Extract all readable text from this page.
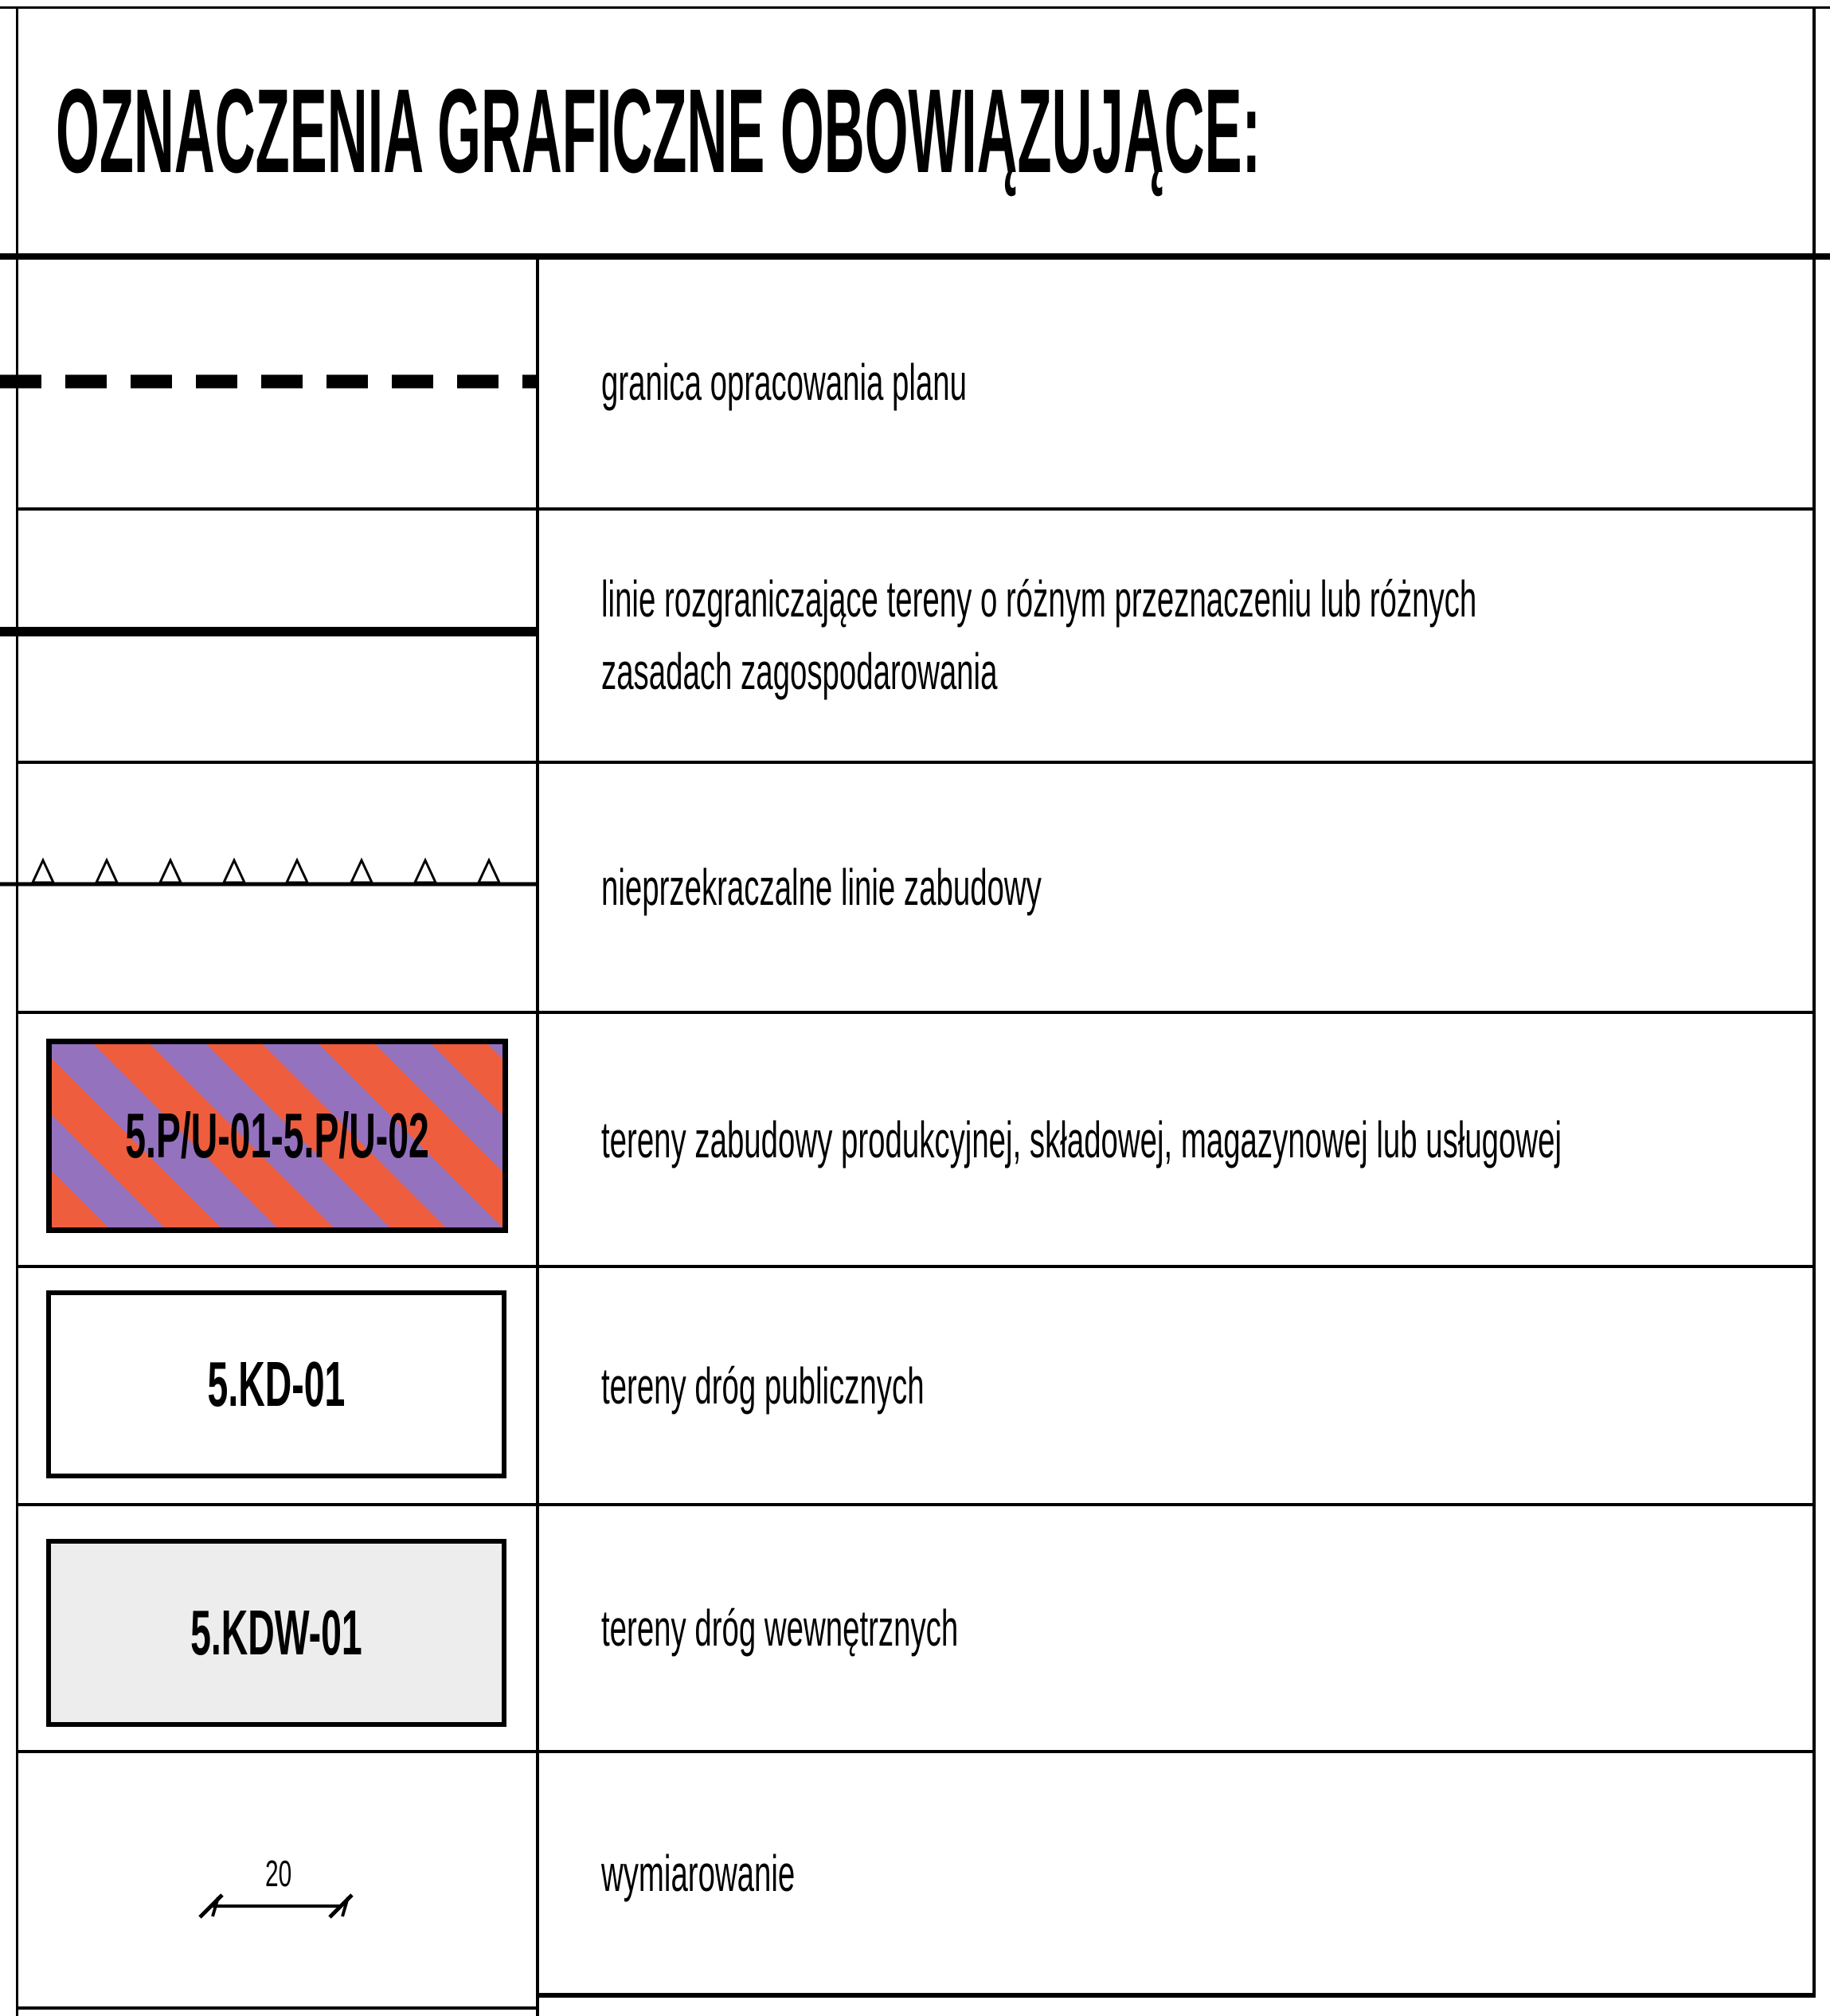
OZNACZENIA GRAFICZNE OBOWIĄZUJĄCE:
granica opracowania planu
linie rozgraniczające tereny o różnym przeznaczeniu lub różnych
zasadach zagospodarowania
nieprzekraczalne linie zabudowy
5.P/U-01-5.P/U-02	tereny zabudowy produkcyjnej, składowej, magazynowej lub usługowej
5.KD-01	tereny dróg publicznych
5.KDW-01	tereny dróg wewnętrznych
20	wymiarowanie
